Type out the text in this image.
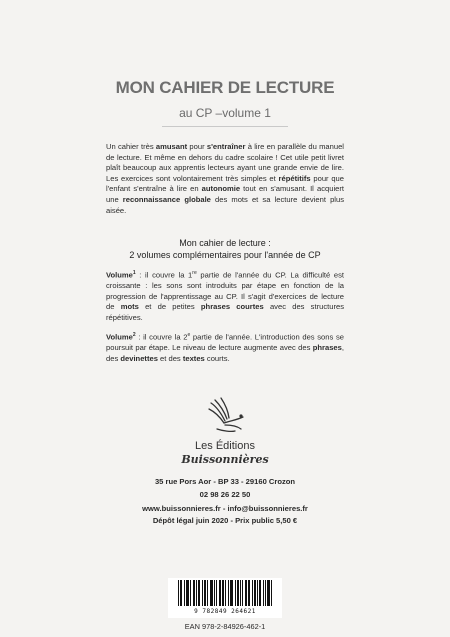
MON CAHIER DE LECTURE
au CP –volume 1
Un cahier très amusant pour s'entraîner à lire en parallèle du manuel de lecture. Et même en dehors du cadre scolaire ! Cet utile petit livret plaît beaucoup aux apprentis lecteurs ayant une grande envie de lire. Les exercices sont volontairement très simples et répétitifs pour que l'enfant s'entraîne à lire en autonomie tout en s'amusant. Il acquiert une reconnaissance globale des mots et sa lecture devient plus aisée.
Mon cahier de lecture :
2 volumes complémentaires pour l'année de CP
Volume$^1$ : il couvre la 1re partie de l'année du CP. La difficulté est croissante : les sons sont introduits par étape en fonction de la progression de l'apprentissage au CP. Il s'agit d'exercices de lecture de mots et de petites phrases courtes avec des structures répétitives.
Volume$^2$ : il couvre la 2e partie de l'année. L'introduction des sons se poursuit par étape. Le niveau de lecture augmente avec des phrases, des devinettes et des textes courts.
Les Éditions
Buissonnières
35 rue Pors Aor - BP 33 - 29160 Crozon
02 98 26 22 50
www.buissonnieres.fr - info@buissonnieres.fr
Dépôt légal juin 2020 - Prix public 5,50 €
9 782849 264621
EAN 978-2-84926-462-1
